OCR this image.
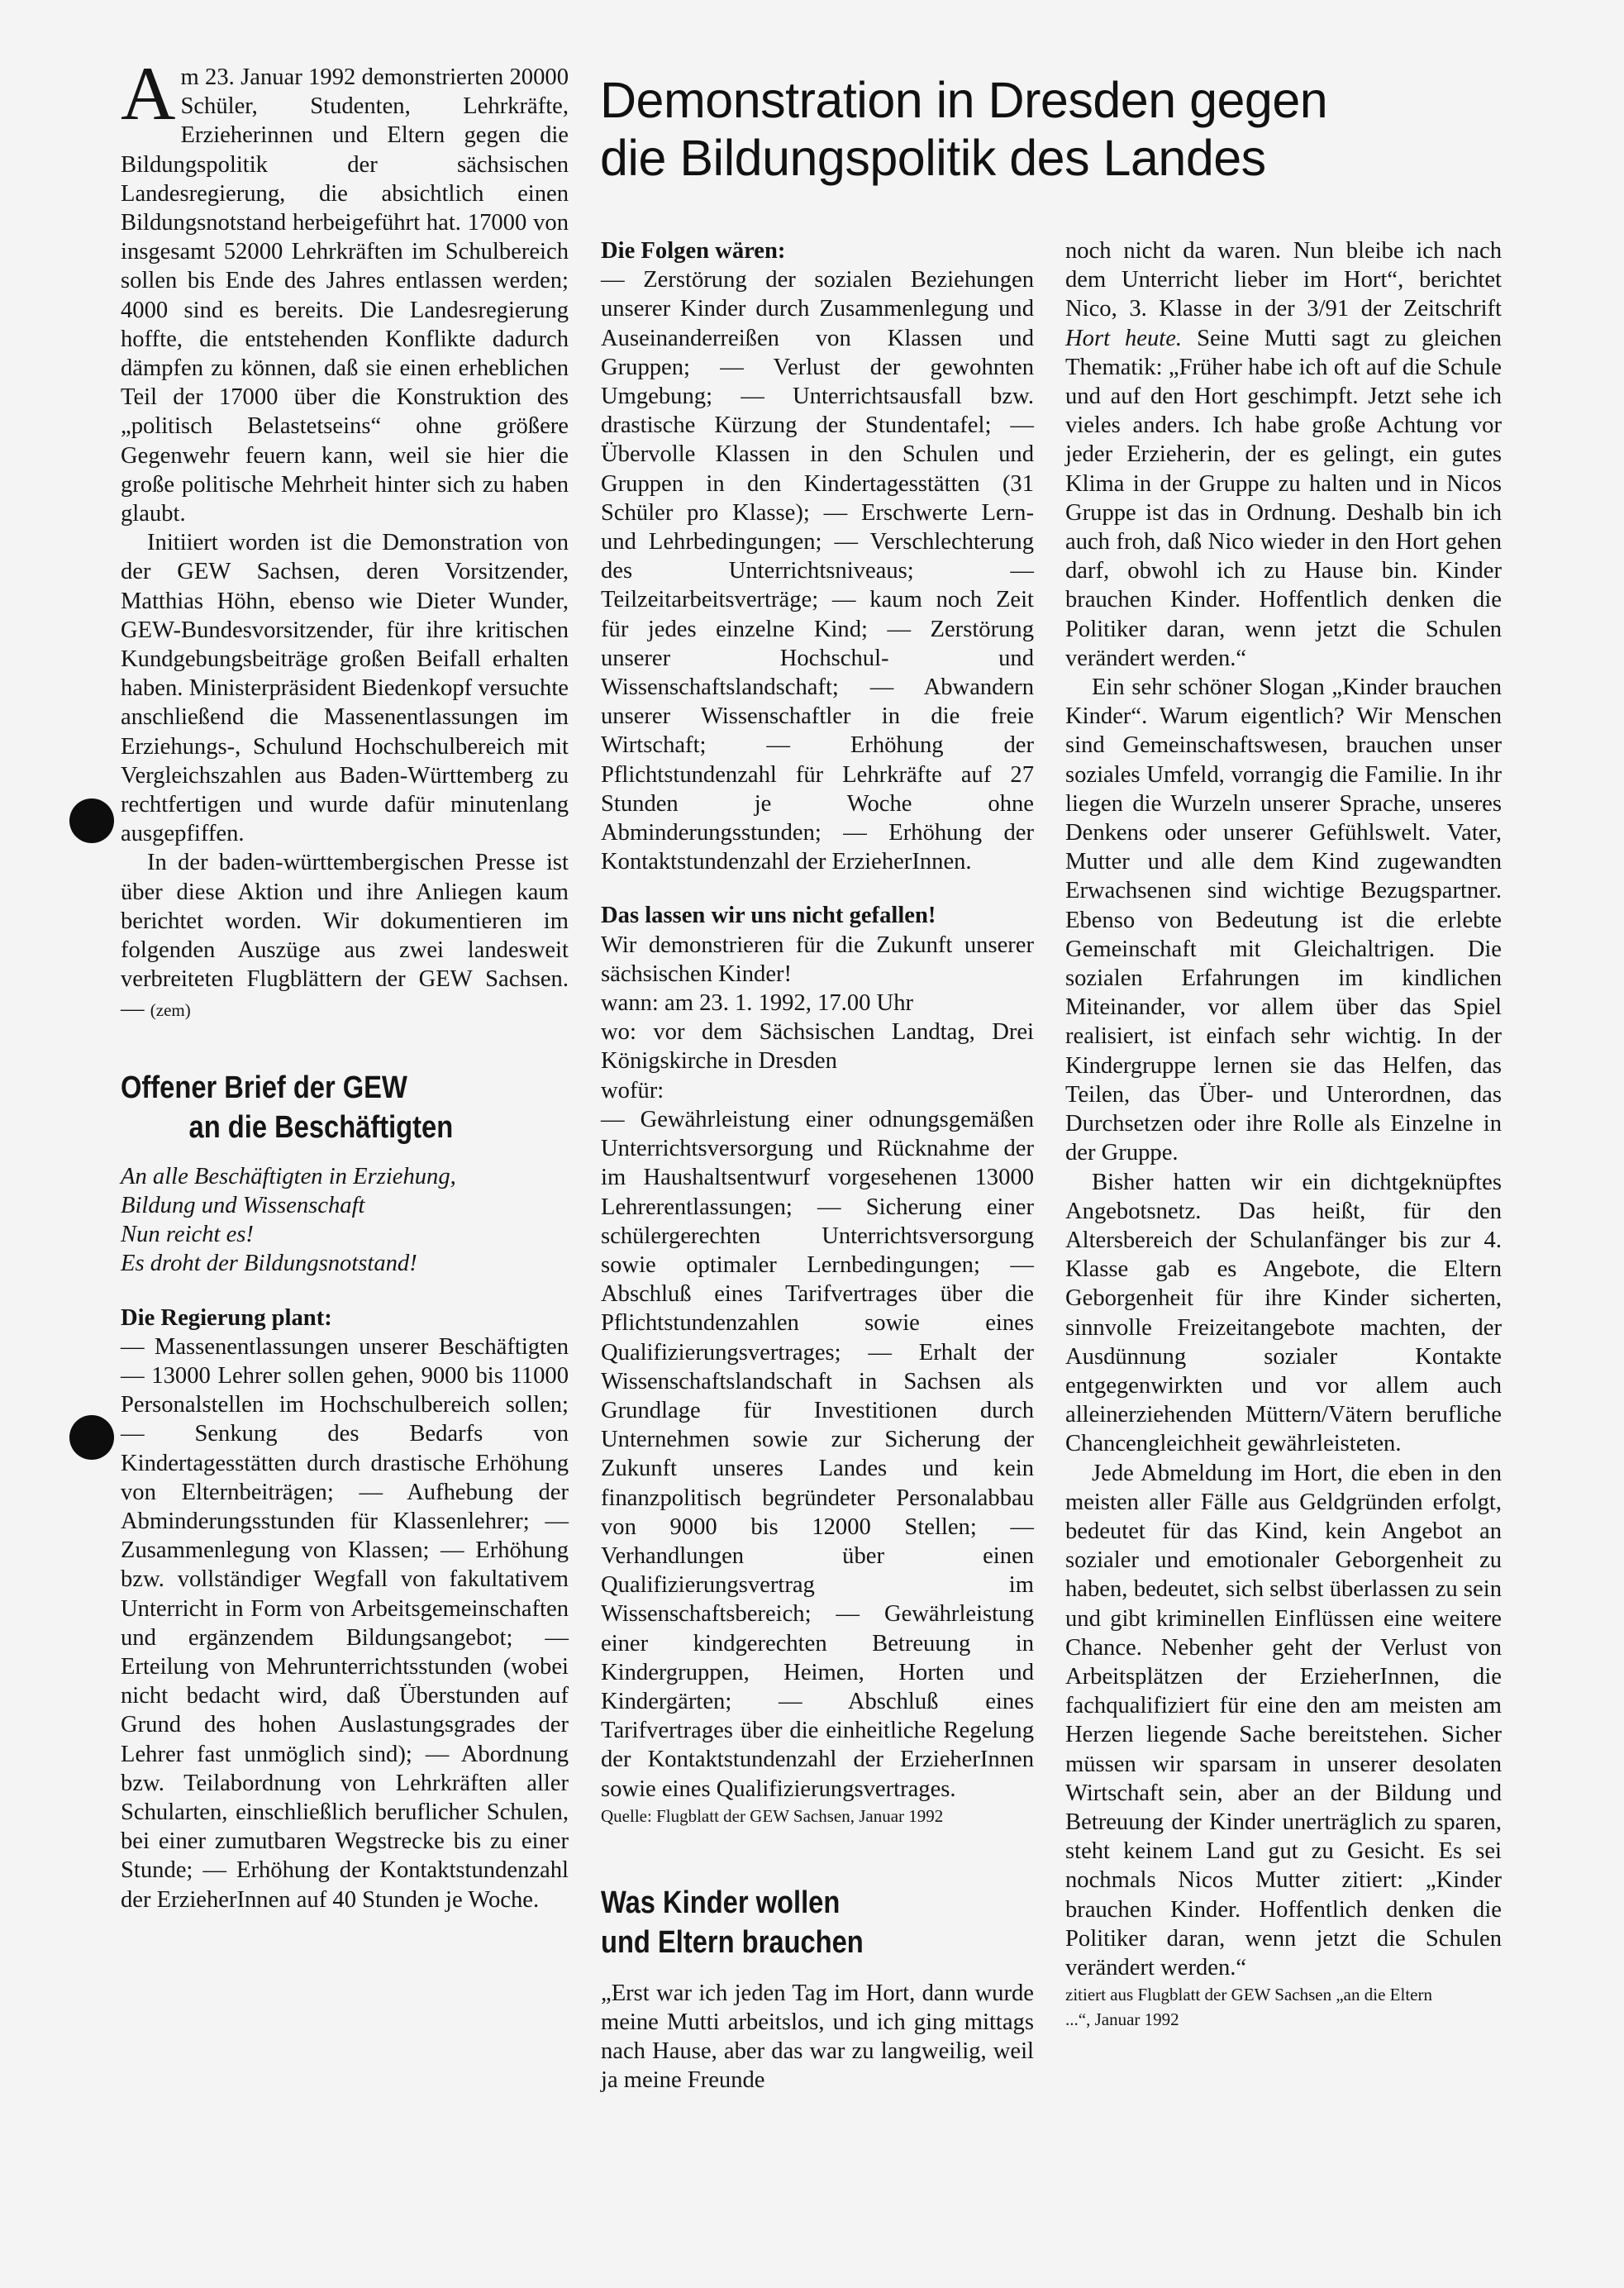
Demonstration in Dresden gegen
die Bildungspolitik des Landes

Am 23. Januar 1992 demonstrierten 20000 Schüler, Studenten, Lehrkräfte, Erzieherinnen und Eltern gegen die Bildungspolitik der sächsischen Landesregierung, die absichtlich einen Bildungsnotstand herbeigeführt hat. 17000 von insgesamt 52000 Lehrkräften im Schulbereich sollen bis Ende des Jahres entlassen werden; 4000 sind es bereits. Die Landesregierung hoffte, die entstehenden Konflikte dadurch dämpfen zu können, daß sie einen erheblichen Teil der 17000 über die Konstruktion des „politisch Belastetseins“ ohne größere Gegenwehr feuern kann, weil sie hier die große politische Mehrheit hinter sich zu haben glaubt.

Initiiert worden ist die Demonstration von der GEW Sachsen, deren Vorsitzender, Matthias Höhn, ebenso wie Dieter Wunder, GEW-Bundesvorsitzender, für ihre kritischen Kundgebungsbeiträge großen Beifall erhalten haben. Ministerpräsident Biedenkopf versuchte anschließend die Massenentlassungen im Erziehungs-, Schulund Hochschulbereich mit Vergleichszahlen aus Baden-Württemberg zu rechtfertigen und wurde dafür minutenlang ausgepfiffen.

In der baden-württembergischen Presse ist über diese Aktion und ihre Anliegen kaum berichtet worden. Wir dokumentieren im folgenden Auszüge aus zwei landesweit verbreiteten Flugblättern der GEW Sachsen. — (zem)

Offener Brief der GEW
an die Beschäftigten

An alle Beschäftigten in Erziehung,

Bildung und Wissenschaft

Nun reicht es!

Es droht der Bildungsnotstand!

Die Regierung plant:

— Massenentlassungen unserer Beschäftigten — 13000 Lehrer sollen gehen, 9000 bis 11000 Personalstellen im Hochschulbereich sollen; — Senkung des Bedarfs von Kindertagesstätten durch drastische Erhöhung von Elternbeiträgen; — Aufhebung der Abminderungsstunden für Klassenlehrer; — Zusammenlegung von Klassen; — Erhöhung bzw. vollständiger Wegfall von fakultativem Unterricht in Form von Arbeitsgemeinschaften und ergänzendem Bildungsangebot; — Erteilung von Mehrunterrichtsstunden (wobei nicht bedacht wird, daß Überstunden auf Grund des hohen Auslastungsgrades der Lehrer fast unmöglich sind); — Abordnung bzw. Teilabordnung von Lehrkräften aller Schularten, einschließlich beruflicher Schulen, bei einer zumutbaren Wegstrecke bis zu einer Stunde; — Erhöhung der Kontaktstundenzahl der ErzieherInnen auf 40 Stunden je Woche.

Die Folgen wären:

— Zerstörung der sozialen Beziehungen unserer Kinder durch Zusammenlegung und Auseinanderreißen von Klassen und Gruppen; — Verlust der gewohnten Umgebung; — Unterrichtsausfall bzw. drastische Kürzung der Stundentafel; — Übervolle Klassen in den Schulen und Gruppen in den Kindertagesstätten (31 Schüler pro Klasse); — Erschwerte Lern- und Lehrbedingungen; — Verschlechterung des Unterrichtsniveaus; — Teilzeitarbeitsverträge; — kaum noch Zeit für jedes einzelne Kind; — Zerstörung unserer Hochschul- und Wissenschaftslandschaft; — Abwandern unserer Wissenschaftler in die freie Wirtschaft; — Erhöhung der Pflichtstundenzahl für Lehrkräfte auf 27 Stunden je Woche ohne Abminderungsstunden; — Erhöhung der Kontaktstundenzahl der ErzieherInnen.

Das lassen wir uns nicht gefallen!

Wir demonstrieren für die Zukunft unserer sächsischen Kinder!

wann: am 23. 1. 1992, 17.00 Uhr

wo: vor dem Sächsischen Landtag, Drei Königskirche in Dresden

wofür:

— Gewährleistung einer odnungsgemäßen Unterrichtsversorgung und Rücknahme der im Haushaltsentwurf vorgesehenen 13000 Lehrerentlassungen; — Sicherung einer schülergerechten Unterrichtsversorgung sowie optimaler Lernbedingungen; — Abschluß eines Tarifvertrages über die Pflichtstundenzahlen sowie eines Qualifizierungsvertrages; — Erhalt der Wissenschaftslandschaft in Sachsen als Grundlage für Investitionen durch Unternehmen sowie zur Sicherung der Zukunft unseres Landes und kein finanzpolitisch begründeter Personalabbau von 9000 bis 12000 Stellen; — Verhandlungen über einen Qualifizierungsvertrag im Wissenschaftsbereich; — Gewährleistung einer kindgerechten Betreuung in Kindergruppen, Heimen, Horten und Kindergärten; — Abschluß eines Tarifvertrages über die einheitliche Regelung der Kontaktstundenzahl der ErzieherInnen sowie eines Qualifizierungsvertrages.

Quelle: Flugblatt der GEW Sachsen, Januar 1992

Was Kinder wollen
und Eltern brauchen

„Erst war ich jeden Tag im Hort, dann wurde meine Mutti arbeitslos, und ich ging mittags nach Hause, aber das war zu langweilig, weil ja meine Freunde

noch nicht da waren. Nun bleibe ich nach dem Unterricht lieber im Hort“, berichtet Nico, 3. Klasse in der 3/91 der Zeitschrift Hort heute. Seine Mutti sagt zu gleichen Thematik: „Früher habe ich oft auf die Schule und auf den Hort geschimpft. Jetzt sehe ich vieles anders. Ich habe große Achtung vor jeder Erzieherin, der es gelingt, ein gutes Klima in der Gruppe zu halten und in Nicos Gruppe ist das in Ordnung. Deshalb bin ich auch froh, daß Nico wieder in den Hort gehen darf, obwohl ich zu Hause bin. Kinder brauchen Kinder. Hoffentlich denken die Politiker daran, wenn jetzt die Schulen verändert werden.“

Ein sehr schöner Slogan „Kinder brauchen Kinder“. Warum eigentlich? Wir Menschen sind Gemeinschaftswesen, brauchen unser soziales Umfeld, vorrangig die Familie. In ihr liegen die Wurzeln unserer Sprache, unseres Denkens oder unserer Gefühlswelt. Vater, Mutter und alle dem Kind zugewandten Erwachsenen sind wichtige Bezugspartner. Ebenso von Bedeutung ist die erlebte Gemeinschaft mit Gleichaltrigen. Die sozialen Erfahrungen im kindlichen Miteinander, vor allem über das Spiel realisiert, ist einfach sehr wichtig. In der Kindergruppe lernen sie das Helfen, das Teilen, das Über- und Unterordnen, das Durchsetzen oder ihre Rolle als Einzelne in der Gruppe.

Bisher hatten wir ein dichtgeknüpftes Angebotsnetz. Das heißt, für den Altersbereich der Schulanfänger bis zur 4. Klasse gab es Angebote, die Eltern Geborgenheit für ihre Kinder sicherten, sinnvolle Freizeitangebote machten, der Ausdünnung sozialer Kontakte entgegenwirkten und vor allem auch alleinerziehenden Müttern/Vätern berufliche Chancengleichheit gewährleisteten.

Jede Abmeldung im Hort, die eben in den meisten aller Fälle aus Geldgründen erfolgt, bedeutet für das Kind, kein Angebot an sozialer und emotionaler Geborgenheit zu haben, bedeutet, sich selbst überlassen zu sein und gibt kriminellen Einflüssen eine weitere Chance. Nebenher geht der Verlust von Arbeitsplätzen der ErzieherInnen, die fachqualifiziert für eine den am meisten am Herzen liegende Sache bereitstehen. Sicher müssen wir sparsam in unserer desolaten Wirtschaft sein, aber an der Bildung und Betreuung der Kinder unerträglich zu sparen, steht keinem Land gut zu Gesicht. Es sei nochmals Nicos Mutter zitiert: „Kinder brauchen Kinder. Hoffentlich denken die Politiker daran, wenn jetzt die Schulen verändert werden.“

zitiert aus Flugblatt der GEW Sachsen „an die Eltern

...“, Januar 1992
